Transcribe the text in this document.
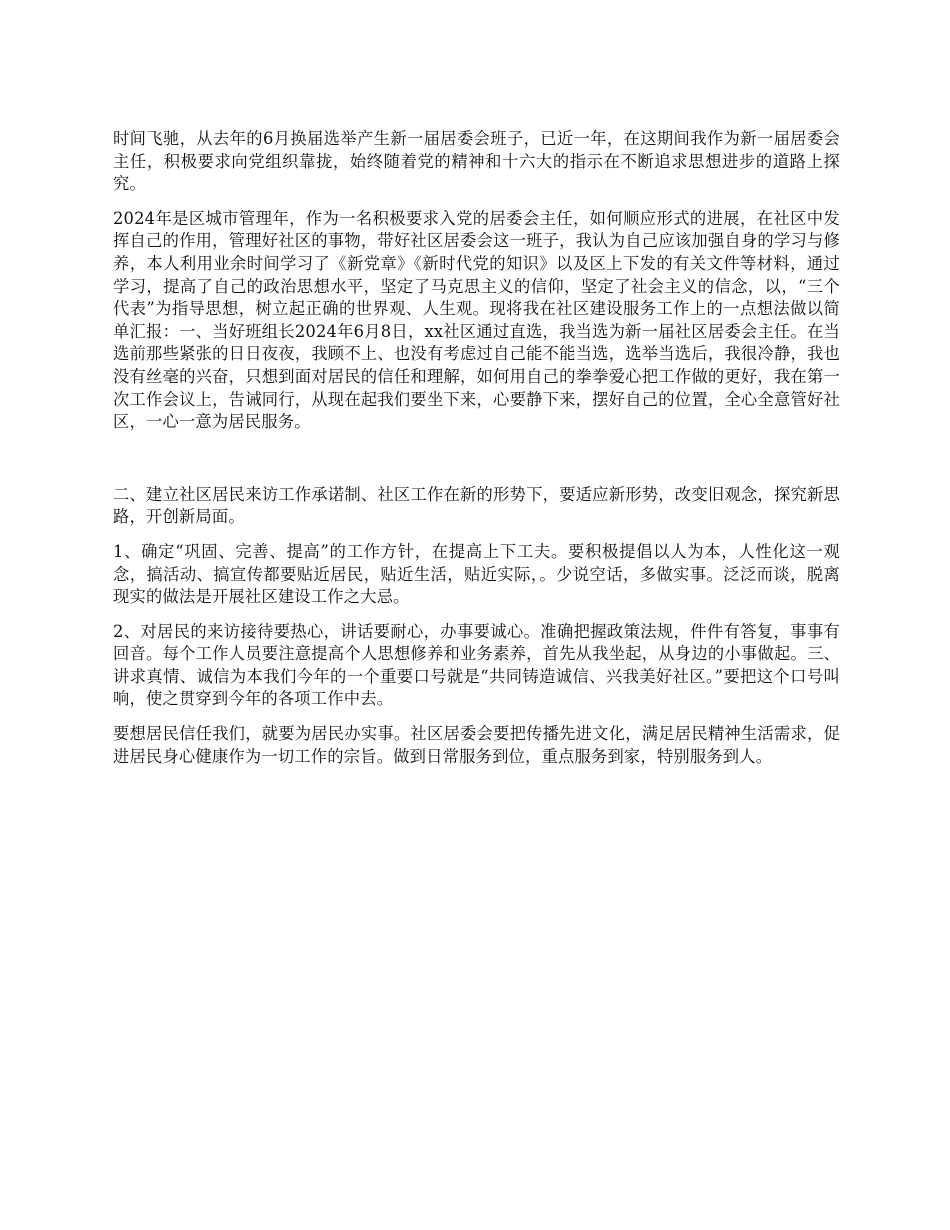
时间飞驰，从去年的6月换届选举产生新一届居委会班子，已近一年，在这期间我作为新一届居委会主任，积极要求向党组织靠拢，始终随着党的精神和十六大的指示在不断追求思想进步的道路上探究。

2024年是区城市管理年，作为一名积极要求入党的居委会主任，如何顺应形式的进展，在社区中发挥自己的作用，管理好社区的事物，带好社区居委会这一班子，我认为自己应该加强自身的学习与修养，本人利用业余时间学习了《新党章》《新时代党的知识》以及区上下发的有关文件等材料，通过学习，提高了自己的政治思想水平，坚定了马克思主义的信仰，坚定了社会主义的信念，以，“三个代表”为指导思想，树立起正确的世界观、人生观。现将我在社区建设服务工作上的一点想法做以简单汇报：一、当好班组长2024年6月8日，xx社区通过直选，我当选为新一届社区居委会主任。在当选前那些紧张的日日夜夜，我顾不上、也没有考虑过自己能不能当选，选举当选后，我很冷静，我也没有丝毫的兴奋，只想到面对居民的信任和理解，如何用自己的拳拳爱心把工作做的更好，我在第一次工作会议上，告诫同行，从现在起我们要坐下来，心要静下来，摆好自己的位置，全心全意管好社区，一心一意为居民服务。

二、建立社区居民来访工作承诺制、社区工作在新的形势下，要适应新形势，改变旧观念，探究新思路，开创新局面。

1、确定“巩固、完善、提高”的工作方针，在提高上下工夫。要积极提倡以人为本，人性化这一观念，搞活动、搞宣传都要贴近居民，贴近生活，贴近实际，。少说空话，多做实事。泛泛而谈，脱离现实的做法是开展社区建设工作之大忌。

2、对居民的来访接待要热心，讲话要耐心，办事要诚心。准确把握政策法规，件件有答复，事事有回音。每个工作人员要注意提高个人思想修养和业务素养，首先从我坐起，从身边的小事做起。三、讲求真情、诚信为本我们今年的一个重要口号就是“共同铸造诚信、兴我美好社区。”要把这个口号叫响，使之贯穿到今年的各项工作中去。

要想居民信任我们，就要为居民办实事。社区居委会要把传播先进文化，满足居民精神生活需求，促进居民身心健康作为一切工作的宗旨。做到日常服务到位，重点服务到家，特别服务到人。
